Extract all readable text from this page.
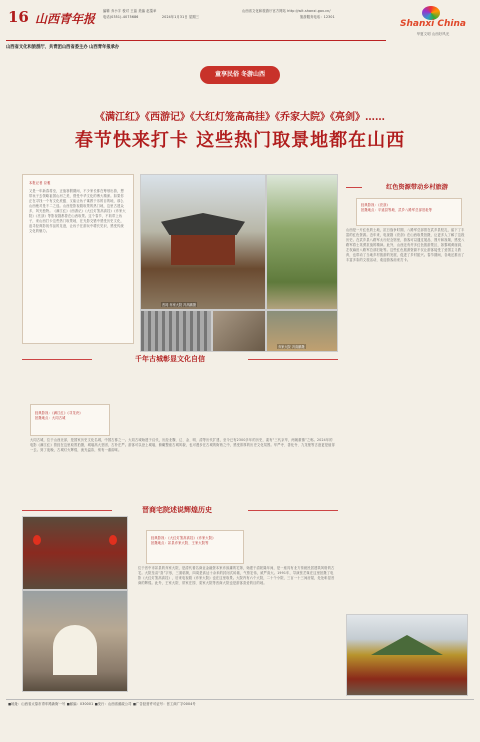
16 山西青年报
编辑 乔小宇 校对 王晶 美编 赵蓬举
电话(0351)-4075686	2024年1月31日 星期三
山西省文化和旅游厅官方网站 http://wlt.shanxi.gov.cn/
旅游服务电话：12301
Shanxi China
华夏文明 山西好风光
山西省文化和旅游厅、共青团山西省委主办 山西青年报承办
童享民俗 冬游山西
《满江红》《西游记》《大红灯笼高高挂》《乔家大院》《亮剑》……
春节快来打卡 这些热门取景地都在山西
本报记者 臣雅
又是一年新春将至，正值寒假期间，不少家长都在筹划出游，想带孩子去领略祖国山河之美，感受中华文化的博大精深。如果你正在寻找一个有文化底蕴、又能让孩子寓教于乐的目的地，那么山西绝对是不二之选。山西是影视剧取景的热门地，这里古建众多，风光独特。《满江红》《西游记》《大红灯笼高高挂》《乔家大院》《亮剑》等影视剧都曾在山西取景。这个春节，不妨带上孩子，来山西打卡这些热门取景地，在光影交错中感受历史文化，追寻经典影视作品的足迹，让孩子在游玩中增长见识，感受传统文化的魅力。
晋祠 乔家大院 冯高鹏摄
乔家大院 冯高鹏摄
千年古城彰显文化自信
经典影视：《满江红》《寻龙诀》
拍摄地点：大同古城
大同古城，位于山西北部，是国家历史文化名城，中国古都之一。大同古城始建于汉代，历经北魏、辽、金、明、清等历代扩建，至今已有2300多年的历史，素有“三代京华，两朝重镇”之称。2024年的电影《满江红》曾经在这里取景拍摄，城墙高大坚固，古朴庄严。游客可以登上城墙，俯瞰整座古城风貌，也可漫步在古城的街巷之中，感受浓厚的历史文化氛围。华严寺、善化寺、九龙壁等古迹更是值得一去。到了夜晚，古城灯火辉煌，流光溢彩，别有一番韵味。
晋商宅院述说辉煌历史
经典影视：《大红灯笼高高挂》《乔家大院》
拍摄地点：祁县乔家大院、王家大院等
位于晋中市祁县的乔家大院，是清代著名商业金融资本家乔致庸的宅第，始建于清乾隆年间，是一座具有北方传统民居建筑风格的古宅。大院呈双“喜”字形，三面临街，四周是高达十余米的封闭式砖墙，气势宏伟，威严高大。1991年，导演张艺谋在这里拍摄了电影《大红灯笼高高挂》，后来电视剧《乔家大院》也在这里取景。大院内有六个大院，二十个小院，三百一十三间房屋，处处彰显晋商的辉煌。此外，王家大院、常家庄园、渠家大院等晋商大院也是游客喜爱的目的地。
红色资源带动乡村旅游
经典影视：《亮剑》
拍摄地点：平遥县等地、武乡八路军总部旧址等
山西是一片红色的土地，抗日战争时期，八路军总部曾在武乡县驻扎，留下了丰富的红色资源。近年来，电视剧《亮剑》在山西取景拍摄，让更多人了解了这段历史。在武乡县八路军太行纪念馆里，游客可以通过展品、图片和视频，感受八路军将士英勇抗战的精神。此外，山西还有许多红色旅游景区，如黎城黄崖洞、左权麻田八路军总部旧址等。这些红色旅游资源不仅让游客接受了爱国主义教育，也带动了当地乡村旅游的发展，促进了乡村振兴。春节期间，各地还推出了丰富多彩的文旅活动，欢迎游客前来打卡。
■地址：山西省太原市青年路新街一号 ■邮编：030001 ■发行：山西省邮政公司 ■广告经营许可证号：晋工商广字0004号
